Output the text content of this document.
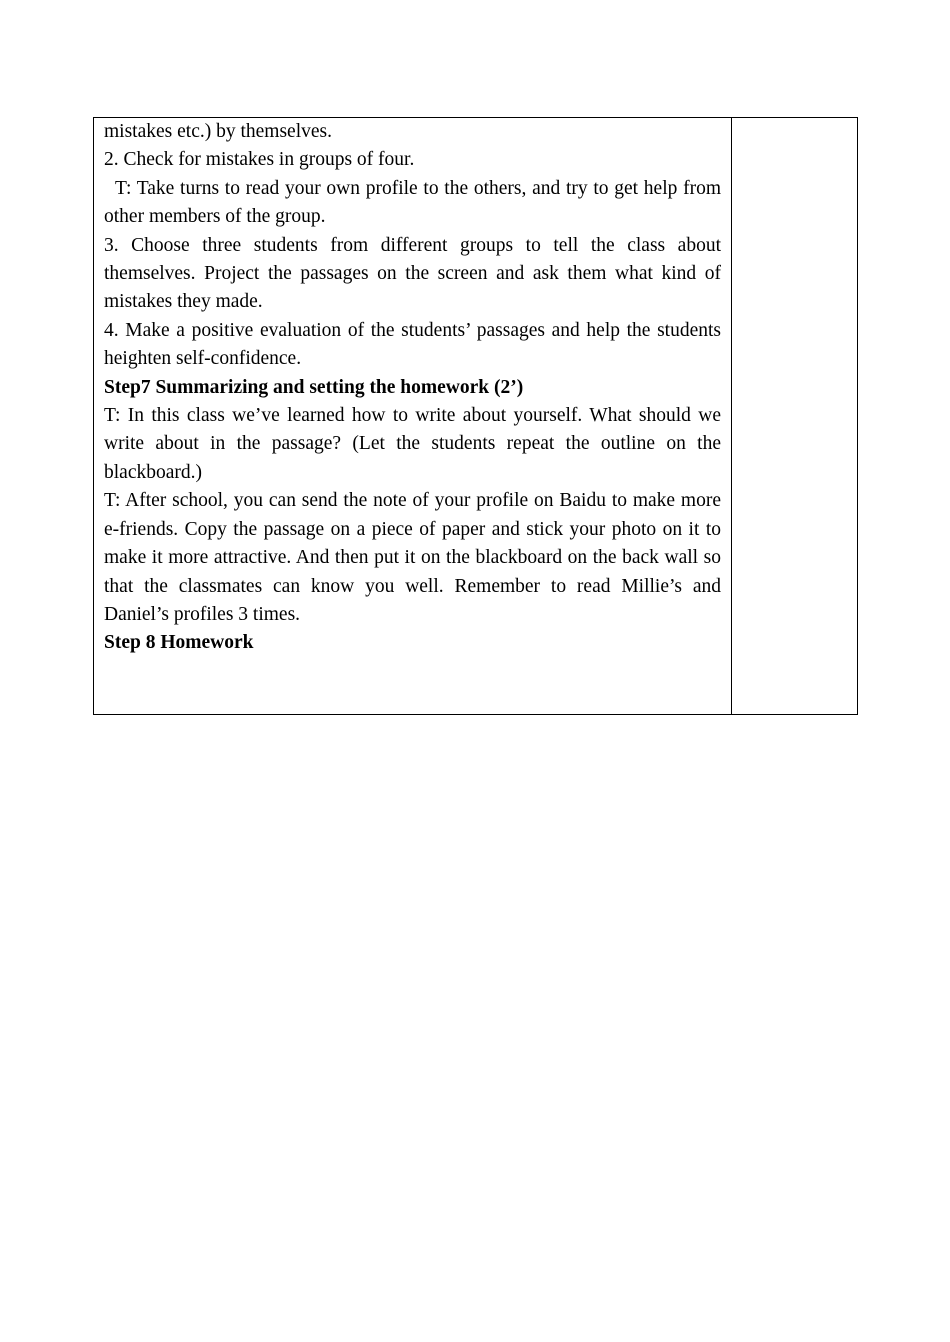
mistakes etc.) by themselves.

2. Check for mistakes in groups of four.

T: Take turns to read your own profile to the others, and try to get help from other members of the group.

3. Choose three students from different groups to tell the class about themselves. Project the passages on the screen and ask them what kind of mistakes they made.

4. Make a positive evaluation of the students’ passages and help the students heighten self-confidence.

Step7 Summarizing and setting the homework (2’)

T: In this class we’ve learned how to write about yourself. What should we write about in the passage? (Let the students repeat the outline on the blackboard.)

T: After school, you can send the note of your profile on Baidu to make more e-friends. Copy the passage on a piece of paper and stick your photo on it to make it more attractive. And then put it on the blackboard on the back wall so that the classmates can know you well. Remember to read Millie’s and Daniel’s profiles 3 times.

Step 8 Homework
